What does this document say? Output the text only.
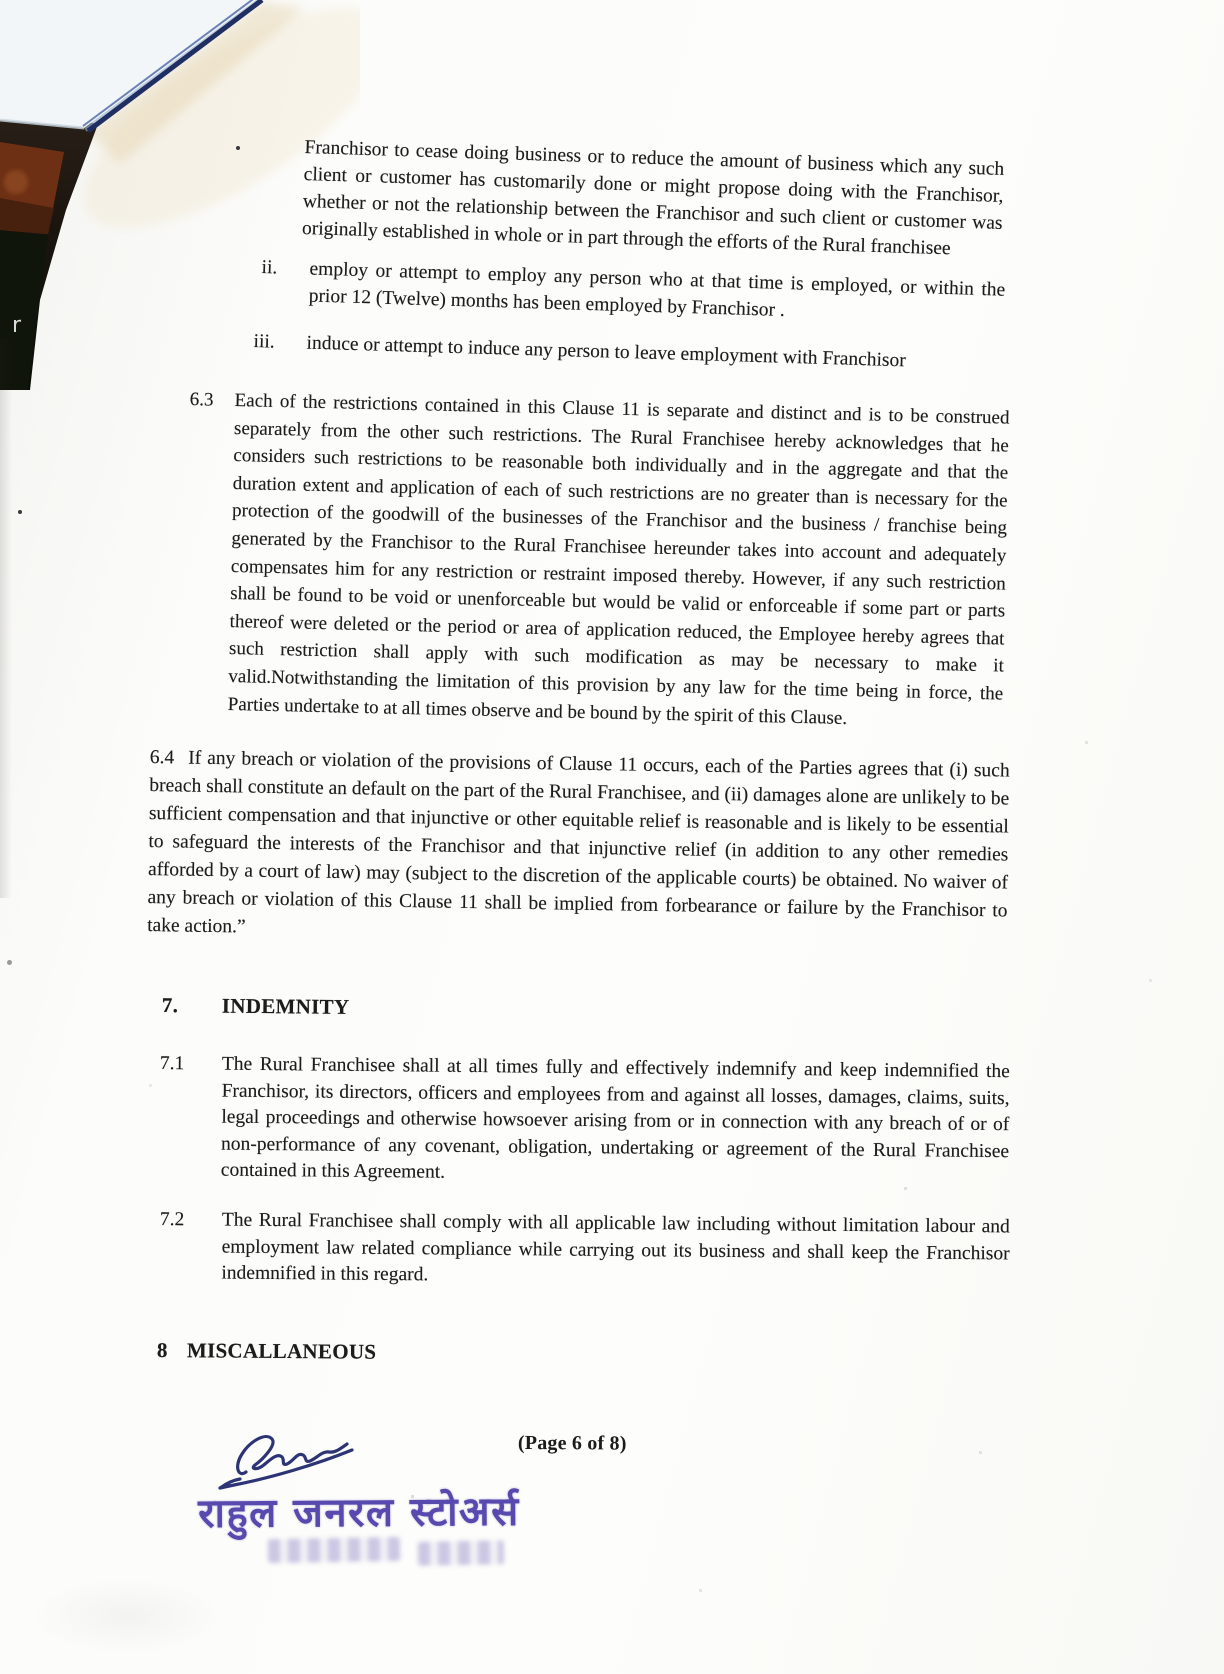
r
Franchisor to cease doing business or to reduce the amount of business which any such client or customer has customarily done or might propose doing with the Franchisor, whether or not the relationship between the Franchisor and such client or customer was originally established in whole or in part through the efforts of the Rural franchisee
ii.	employ or attempt to employ any person who at that time is employed, or within the prior 12 (Twelve) months has been employed by Franchisor .
iii.	induce or attempt to induce any person to leave employment with Franchisor
6.3	Each of the restrictions contained in this Clause 11 is separate and distinct and is to be construed separately from the other such restrictions. The Rural Franchisee hereby acknowledges that he considers such restrictions to be reasonable both individually and in the aggregate and that the duration extent and application of each of such restrictions are no greater than is necessary for the protection of the goodwill of the businesses of the Franchisor and the business / franchise being generated by the Franchisor to the Rural Franchisee hereunder takes into account and adequately compensates him for any restriction or restraint imposed thereby. However, if any such restriction shall be found to be void or unenforceable but would be valid or enforceable if some part or parts thereof were deleted or the period or area of application reduced, the Employee hereby agrees that such restriction shall apply with such modification as may be necessary to make it valid.Notwithstanding the limitation of this provision by any law for the time being in force, the Parties undertake to at all times observe and be bound by the spirit of this Clause.
6.4 If any breach or violation of the provisions of Clause 11 occurs, each of the Parties agrees that (i) such breach shall constitute an default on the part of the Rural Franchisee, and (ii) damages alone are unlikely to be sufficient compensation and that injunctive or other equitable relief is reasonable and is likely to be essential to safeguard the interests of the Franchisor and that injunctive relief (in addition to any other remedies afforded by a court of law) may (subject to the discretion of the applicable courts) be obtained. No waiver of any breach or violation of this Clause 11 shall be implied from forbearance or failure by the Franchisor to take action.”
7.	INDEMNITY
7.1	The Rural Franchisee shall at all times fully and effectively indemnify and keep indemnified the Franchisor, its directors, officers and employees from and against all losses, damages, claims, suits, legal proceedings and otherwise howsoever arising from or in connection with any breach of or of non-performance of any covenant, obligation, undertaking or agreement of the Rural Franchisee contained in this Agreement.
7.2	The Rural Franchisee shall comply with all applicable law including without limitation labour and employment law related compliance while carrying out its business and shall keep the Franchisor indemnified in this regard.
8 MISCALLANEOUS
(Page 6 of 8)
राहुल जनरल स्टोअर्स
